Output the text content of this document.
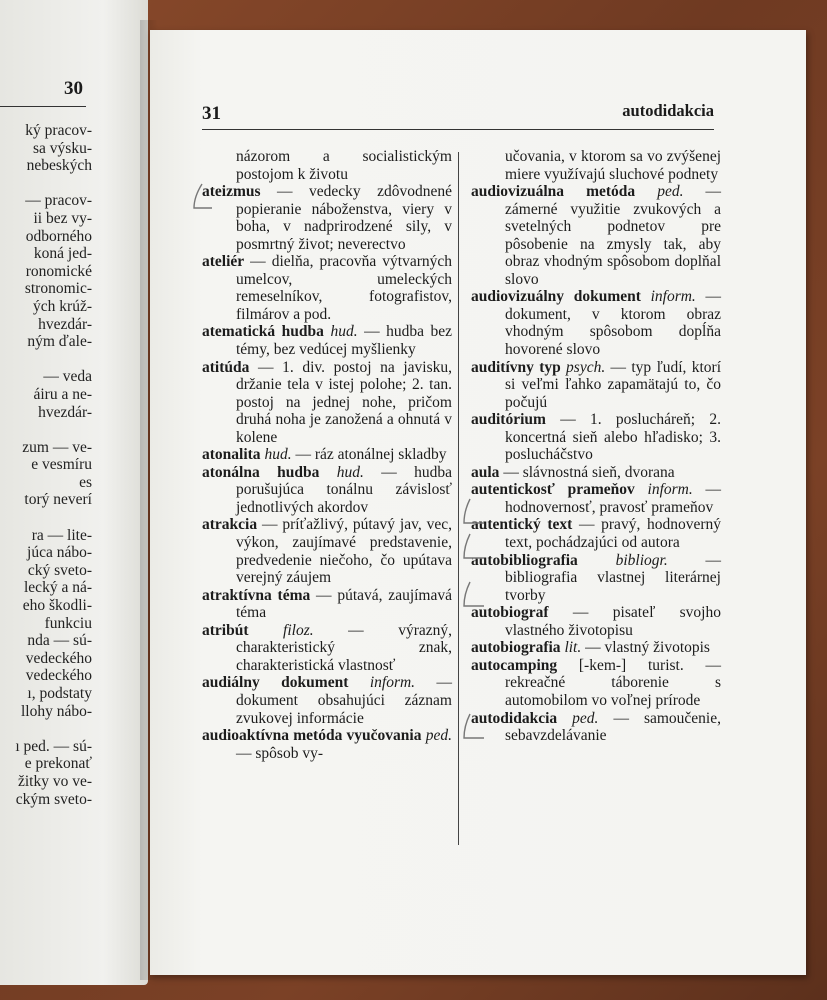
30
ký pracov-
sa výsku-
nebeských

— pracov-
ii bez vy-
odborného
koná jed-
ronomické
stronomic-
ých krúž-
hvezdár-
ným ďale-

— veda
áiru a ne-
hvezdár-

zum — ve-
e vesmíru
es
torý neverí

ra — lite-
júca nábo-
cký sveto-
lecký a ná-
eho škodli-
funkciu
nda — sú-
vedeckého
vedeckého
ı, podstaty
llohy nábo-

ı ped. — sú-
e prekonať
žitky vo ve-
ckým sveto-
31	autodidakcia

názorom a socialistickým postojom k životu

ateizmus — vedecky zdôvodnené popieranie náboženstva, viery v boha, v nadprirodzené sily, v posmrtný život; neverectvo

ateliér — dielňa, pracovňa výtvarných umelcov, umeleckých remeselníkov, fotografistov, filmárov a pod.

atematická hudba hud. — hudba bez témy, bez vedúcej myšlienky

atitúda — 1. div. postoj na javisku, držanie tela v istej polohe; 2. tan. postoj na jednej nohe, pričom druhá noha je zanožená a ohnutá v kolene

atonalita hud. — ráz atonálnej skladby

atonálna hudba hud. — hudba porušujúca tonálnu závislosť jednotlivých akordov

atrakcia — príťažlivý, pútavý jav, vec, výkon, zaujímavé predstavenie, predvedenie niečoho, čo upútava verejný záujem

atraktívna téma — pútavá, zaujímavá téma

atribút filoz. — výrazný, charakteristický znak, charakteristická vlastnosť

audiálny dokument inform. — dokument obsahujúci záznam zvukovej informácie

audioaktívna metóda vyučovania ped. — spôsob vy-

učovania, v ktorom sa vo zvýšenej miere využívajú sluchové podnety

audiovizuálna metóda ped. — zámerné využitie zvukových a svetelných podnetov pre pôsobenie na zmysly tak, aby obraz vhodným spôsobom doplňal slovo

audiovizuálny dokument inform. — dokument, v ktorom obraz vhodným spôsobom dopĺňa hovorené slovo

auditívny typ psych. — typ ľudí, ktorí si veľmi ľahko zapamätajú to, čo počujú

auditórium — 1. poslucháreň; 2. koncertná sieň alebo hľadisko; 3. poslucháčstvo

aula — slávnostná sieň, dvorana

autentickosť prameňov inform. — hodnovernosť, pravosť prameňov

autentický text — pravý, hodnoverný text, pochádzajúci od autora

autobibliografia bibliogr. — bibliografia vlastnej literárnej tvorby

autobiograf — pisateľ svojho vlastného životopisu

autobiografia lit. — vlastný životopis

autocamping [-kem-] turist. — rekreačné táborenie s automobilom vo voľnej prírode

autodidakcia ped. — samoučenie, sebavzdelávanie
